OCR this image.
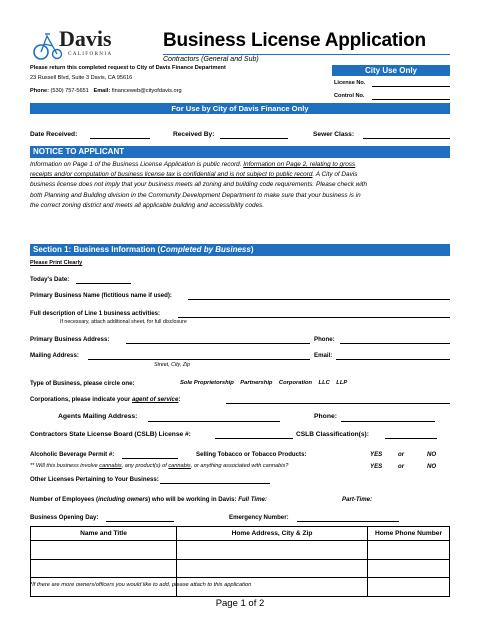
Davis
CALIFORNIA
Business License Application
Contractors (General and Sub)
Please return this completed request to City of Davis Finance Department
23 Russell Blvd, Suite 3 Davis, CA 95616
Phone: (530) 757-5651 Email: financeweb@cityofdavis.org
City Use Only
License No.
Control No.
For Use by City of Davis Finance Only
Date Received:	Received By:	Sewer Class:
NOTICE TO APPLICANT
Information on Page 1 of the Business License Application is public record. Information on Page 2, relating to gross
receipts and/or computation of business license tax is confidential and is not subject to public record. A City of Davis
business license does not imply that your business meets all zoning and building code requirements. Please check with
both Planning and Building division in the Community Development Department to make sure that your business is in
the correct zoning district and meets all applicable building and accessibility codes.
Section 1: Business Information (Completed by Business)
Please Print Clearly
Today's Date:
Primary Business Name (fictitious name if used):
Full description of Line 1 business activities:
If necessary, attach additional sheet, for full disclosure
Primary Business Address:	Phone:
Mailing Address:	Email:
Street, City, Zip
Type of Business, please circle one:	Sole Proprietorship Partnership Corporation LLC LLP
Corporations, please indicate your agent of service:
Agents Mailing Address:	Phone:
Contractors State License Board (CSLB) License #:	CSLB Classification(s):
Alcoholic Beverage Permit #:	Selling Tobacco or Tobacco Products:	YES	or	NO
** Will this business involve cannabis, any product(s) of cannabis, or anything associated with cannabis?	YES	or	NO
Other Licenses Pertaining to Your Business:
Number of Employees (including owners) who will be working in Davis: Full Time:	Part-Time:
Business Opening Day:	Emergency Number:
Name and Title	Home Address, City & Zip	Home Phone Number

*If there are more owners/officers you would like to add, please attach to this application
Page 1 of 2
